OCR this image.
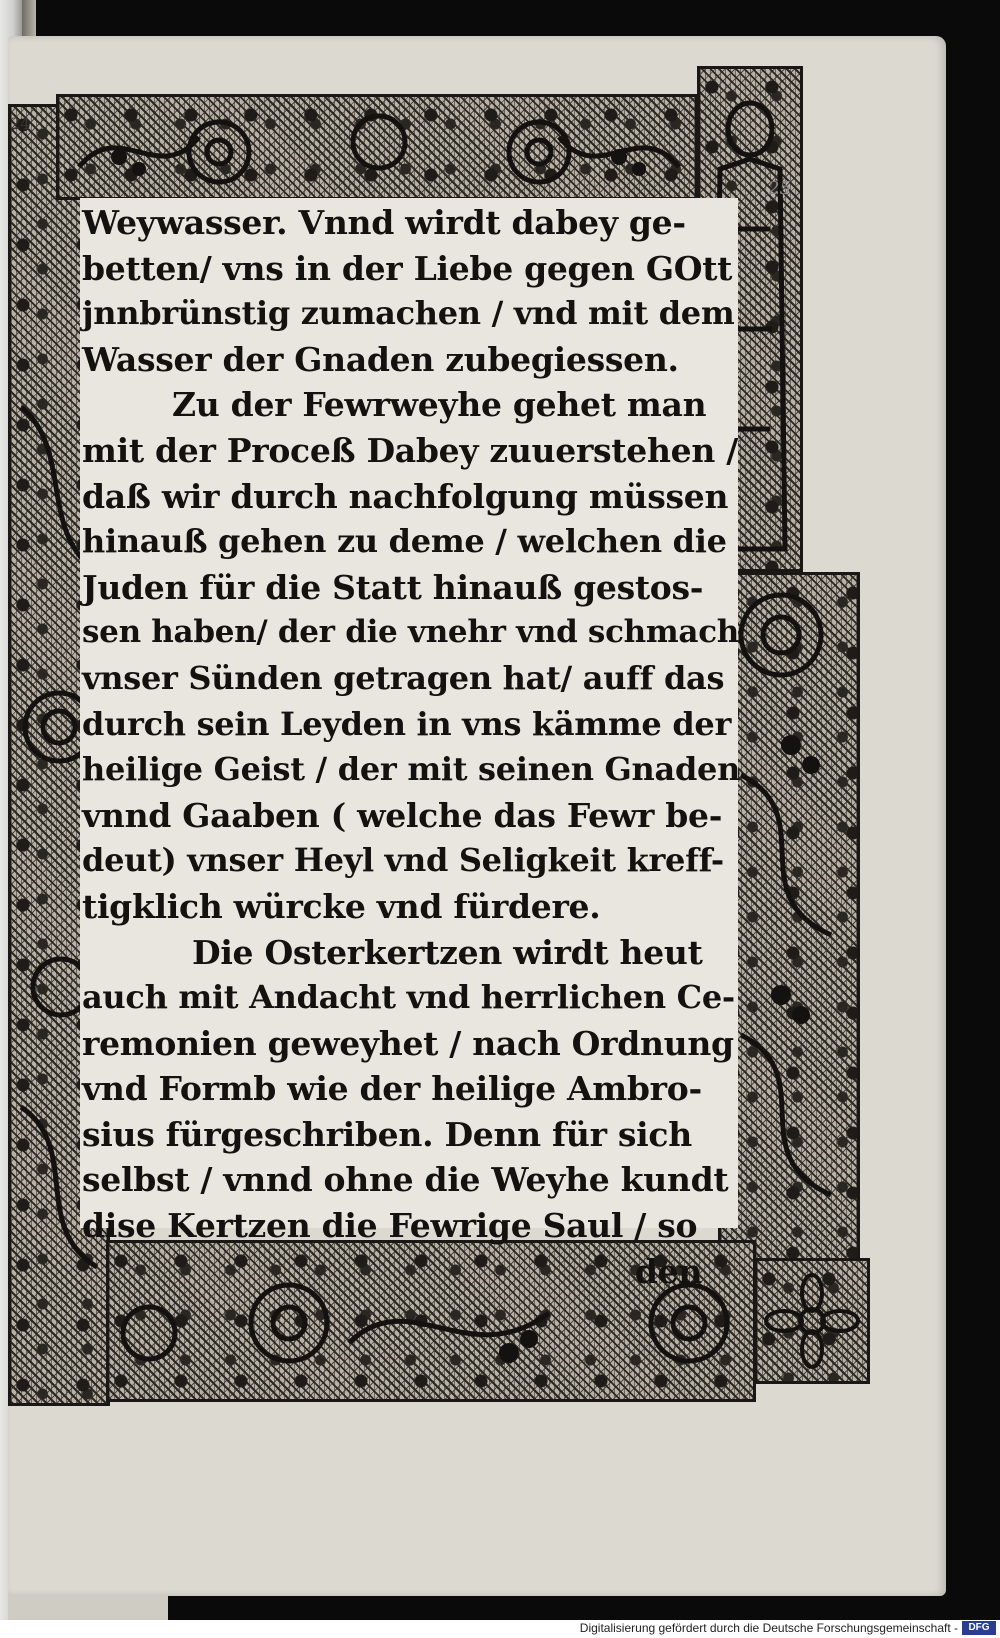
24
25
Weywasser. Vnnd wirdt dabey ge-
betten/ vns in der Liebe gegen GOtt
jnnbrünstig zumachen / vnd mit dem
Wasser der Gnaden zubegiessen.
Zu der Fewrweyhe gehet man
mit der Proceß Dabey zuuerstehen /
daß wir durch nachfolgung müssen
hinauß gehen zu deme / welchen die
Juden für die Statt hinauß gestos-
sen haben/ der die vnehr vnd schmach
vnser Sünden getragen hat/ auff das
durch sein Leyden in vns kämme der
heilige Geist / der mit seinen Gnaden
vnnd Gaaben ( welche das Fewr be-
deut) vnser Heyl vnd Seligkeit kreff-
tigklich würcke vnd fürdere.
Die Osterkertzen wirdt heut
auch mit Andacht vnd herrlichen Ce-
remonien geweyhet / nach Ordnung
vnd Formb wie der heilige Ambro-
sius fürgeschriben. Denn für sich
selbst / vnnd ohne die Weyhe kundt
dise Kertzen die Fewrige Saul / so
den
Digitalisierung gefördert durch die Deutsche Forschungsgemeinschaft -	DFG
